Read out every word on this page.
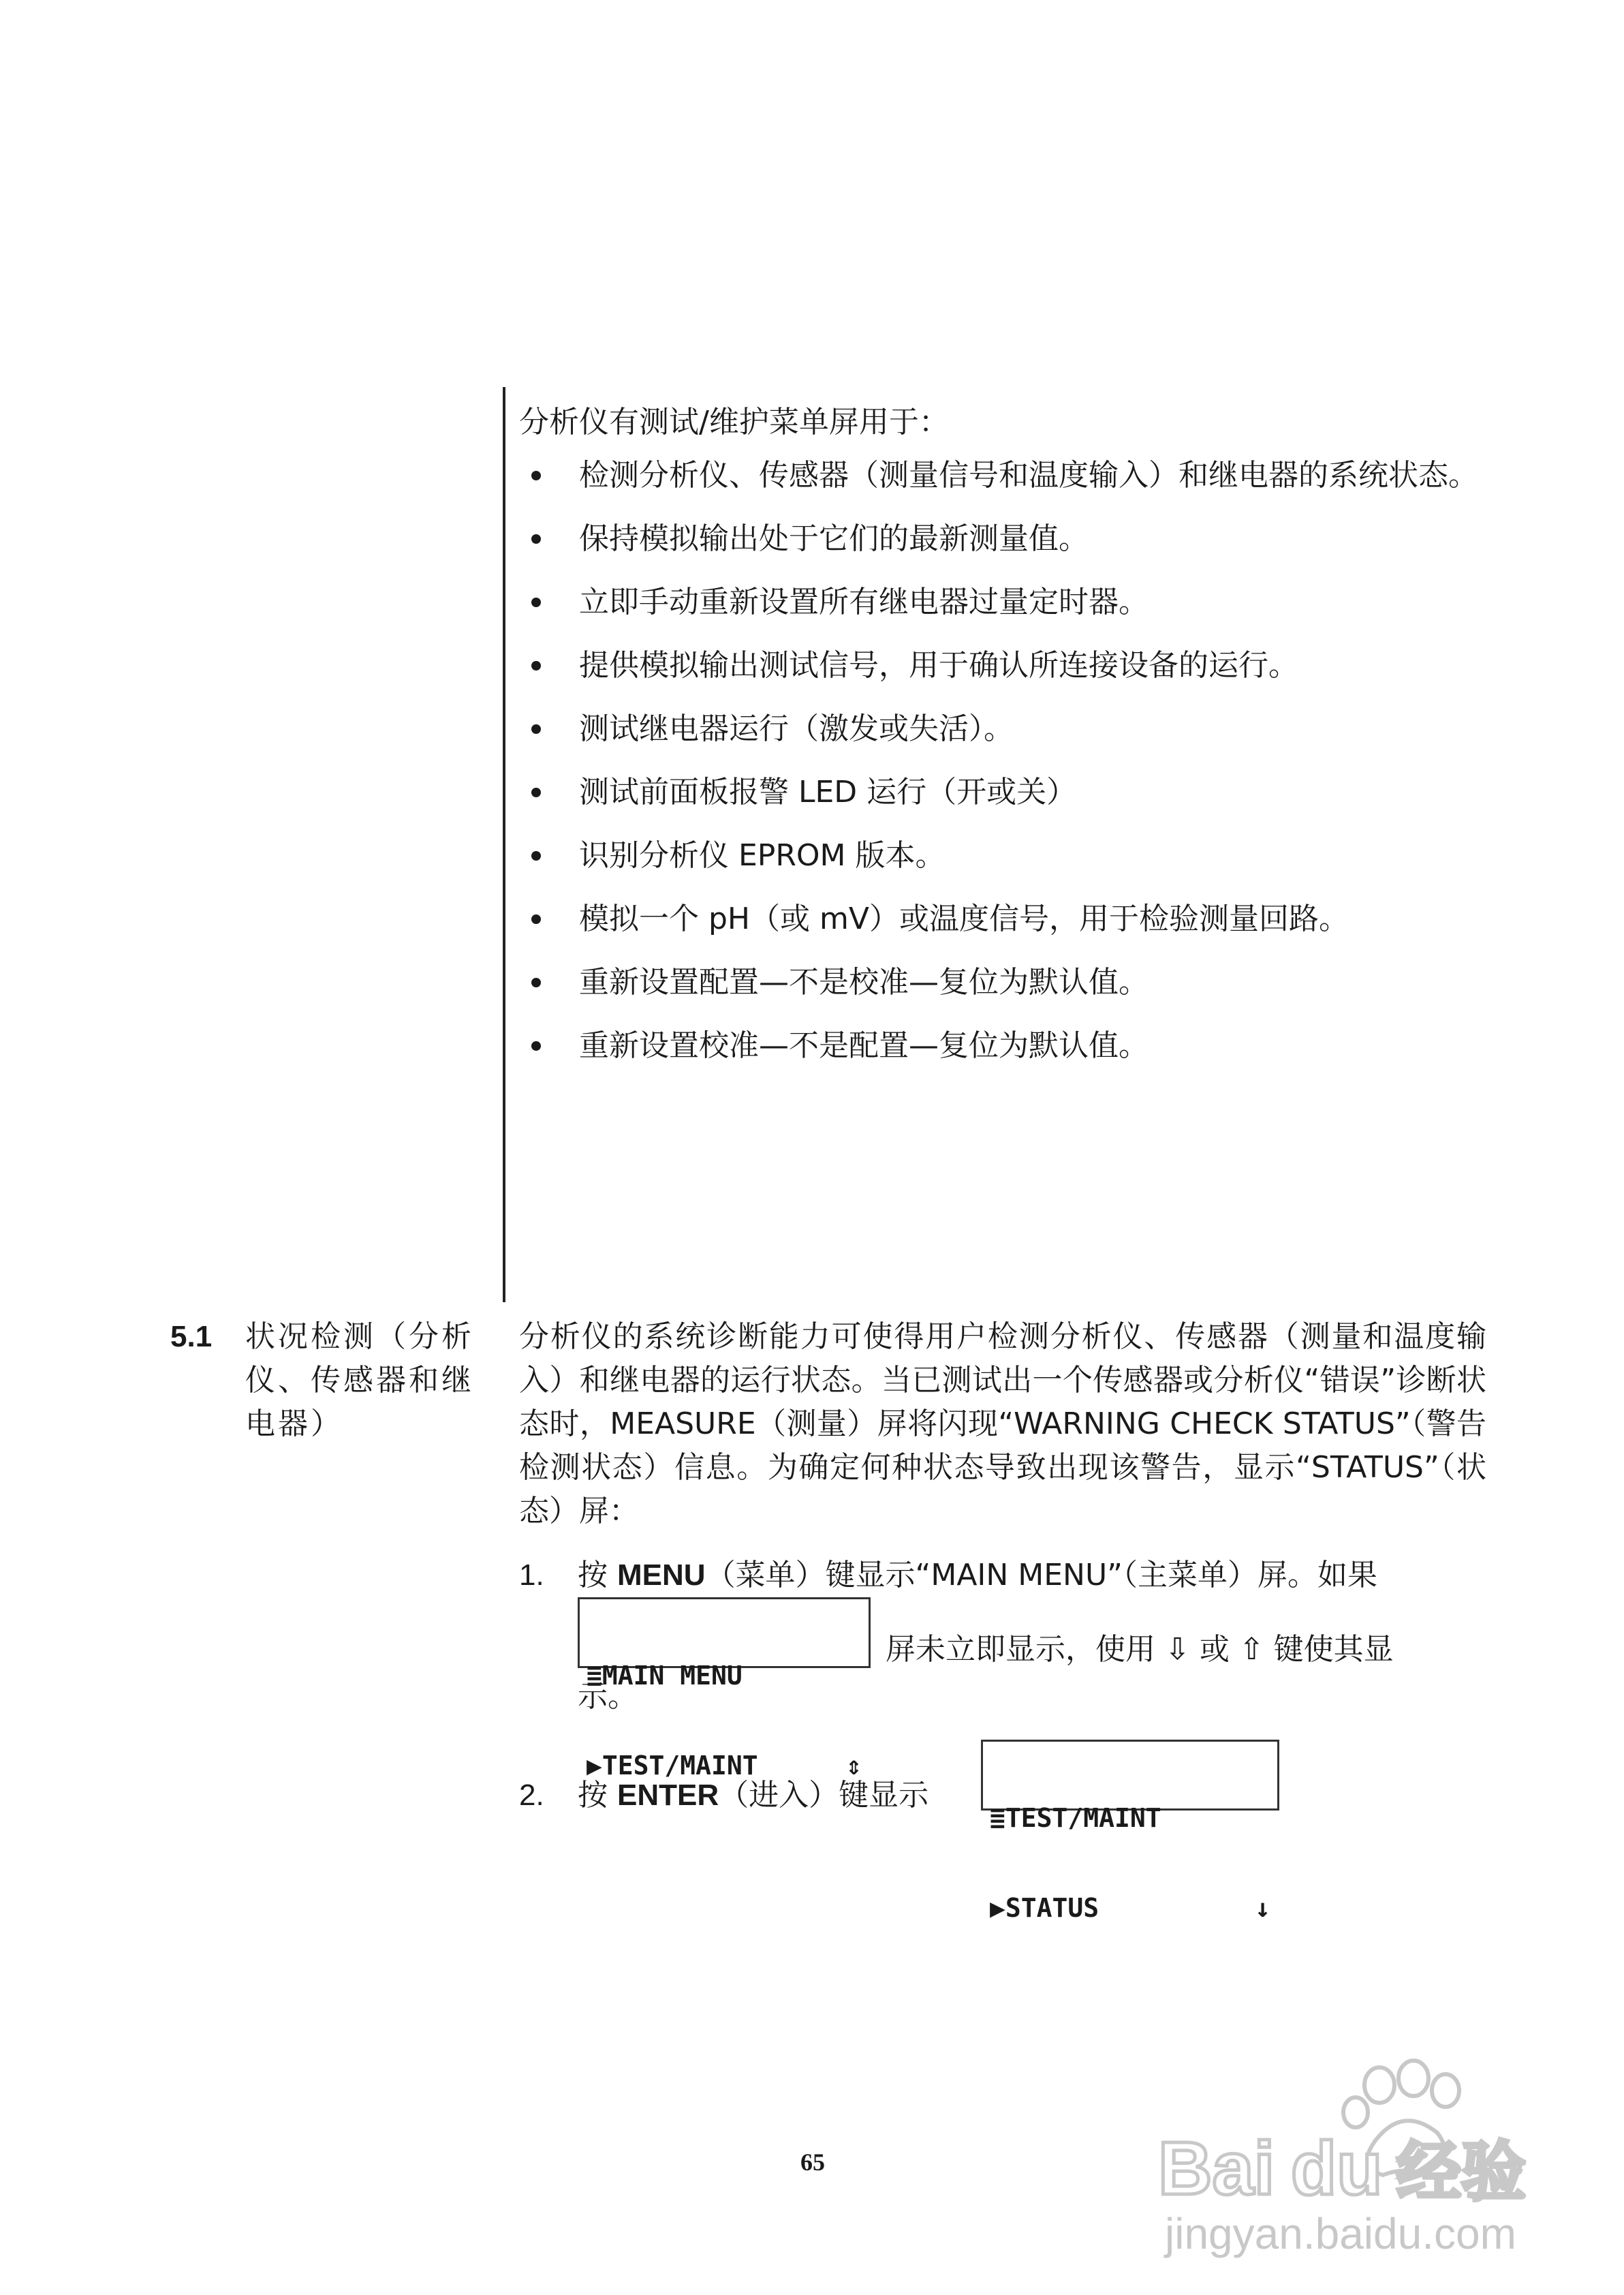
分析仪有测试/维护菜单屏用于：

检测分析仪、传感器（测量信号和温度输入）和继电器的系统状态。
保持模拟输出处于它们的最新测量值。
立即手动重新设置所有继电器过量定时器。
提供模拟输出测试信号，用于确认所连接设备的运行。
测试继电器运行（激发或失活）。
测试前面板报警 LED 运行（开或关）
识别分析仪 EPROM 版本。
模拟一个 pH（或 mV）或温度信号，用于检验测量回路。
重新设置配置—不是校准—复位为默认值。
重新设置校准—不是配置—复位为默认值。
5.1 状况检测（分析仪、传感器和继电器）
分析仪的系统诊断能力可使得用户检测分析仪、传感器（测量和温度输入）和继电器的运行状态。当已测试出一个传感器或分析仪“错误”诊断状态时，MEASURE（测量）屏将闪现“WARNING CHECK STATUS”（警告检测状态）信息。为确定何种状态导致出现该警告，显示“STATUS”（状态）屏：
1. 按 MENU（菜单）键显示“MAIN MENU”（主菜单）屏。如果

≣MAIN MENU

▶TEST/MAINT	⇕

屏未立即显示，使用 ⇩ 或 ⇧ 键使其显
示。
2. 按 ENTER（进入）键显示

≣TEST/MAINT

▶STATUS	↓

65	Bai du 经验
jingyan.baidu.com
